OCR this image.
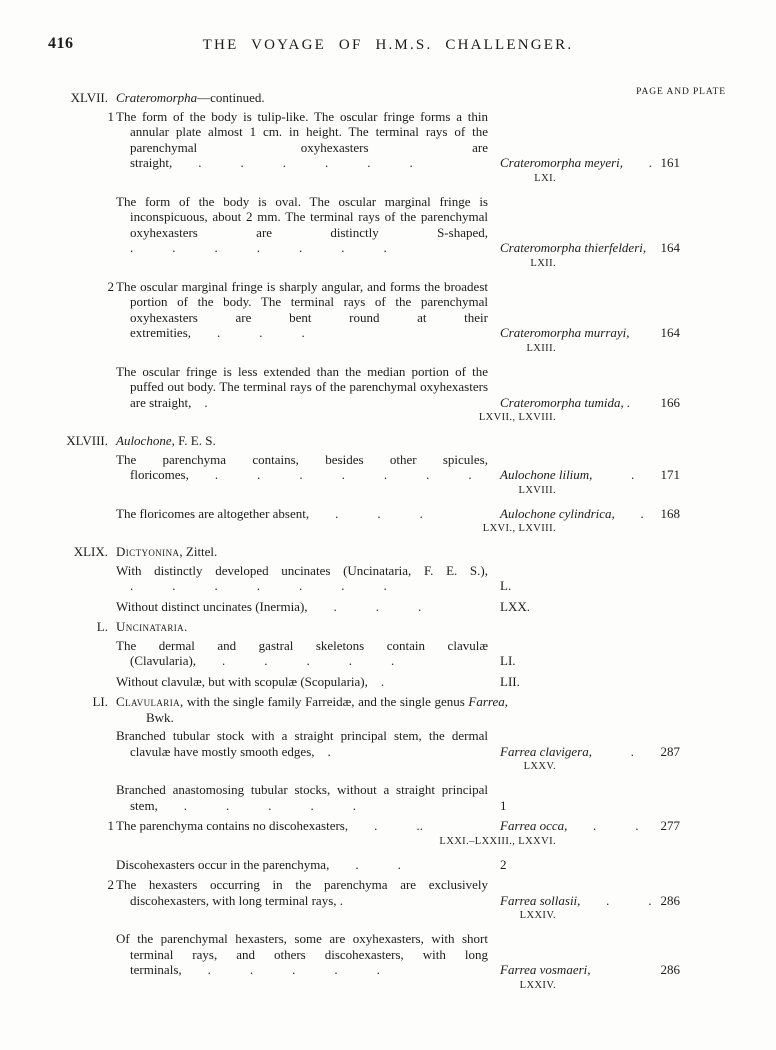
416	THE VOYAGE OF H.M.S. CHALLENGER.
PAGE AND PLATE
XLVII. Crateromorpha—continued.
1 The form of the body is tulip-like. The oscular fringe forms a thin annular plate almost 1 cm. in height. The terminal rays of the parenchymal oxyhexasters are straight,  .   .   .   .   .   .	Crateromorpha meyeri,  . 161
LXI.
The form of the body is oval. The oscular marginal fringe is inconspicuous, about 2 mm. The terminal rays of the parenchymal oxyhexasters are distinctly S-shaped, .   .   .   .   .   .   .	Crateromorpha thierfelderi,	164
LXII.
2 The oscular marginal fringe is sharply angular, and forms the broadest portion of the body. The terminal rays of the parenchymal oxyhexasters are bent round at their extremities,  .   .   .	Crateromorpha murrayi,	164
LXIII.
The oscular fringe is less extended than the median portion of the puffed out body. The terminal rays of the parenchymal oxyhexasters are straight, .	Crateromorpha tumida, .	166
LXVII., LXVIII.
XLVIII. Aulochone, F. E. S.
The parenchyma contains, besides other spicules, floricomes,  .   .   .   .   .   .   .	Aulochone lilium,   .	171
LXVIII.
The floricomes are altogether absent,  .   .   .	Aulochone cylindrica,  .	168
LXVI., LXVIII.
XLIX. Dictyonina, Zittel.
With distinctly developed uncinates (Uncinataria, F. E. S.), .   .   .   .   .   .   .	L.
Without distinct uncinates (Inermia),  .   .   .	LXX.
L. Uncinataria.
The dermal and gastral skeletons contain clavulæ (Clavularia),  .   .   .   .   .	LI.
Without clavulæ, but with scopulæ (Scopularia), .	LII.
LI. Clavularia, with the single family Farreidæ, and the single genus Farrea, Bwk.
Branched tubular stock with a straight principal stem, the dermal clavulæ have mostly smooth edges, .	Farrea clavigera,   .	287
LXXV.
Branched anastomosing tubular stocks, without a straight principal stem,  .   .   .   .   .	1
1 The parenchyma contains no discohexasters,  .   ..	Farrea occa,  .   .	277
LXXI.–LXXIII., LXXVI.
Discohexasters occur in the parenchyma,  .   .	2
2 The hexasters occurring in the parenchyma are exclusively discohexasters, with long terminal rays, .	Farrea sollasii,  .   . 286
LXXIV.
Of the parenchymal hexasters, some are oxyhexasters, with short terminal rays, and others discohexasters, with long terminals,  .   .   .   .   .	Farrea vosmaeri,	286
LXXIV.
